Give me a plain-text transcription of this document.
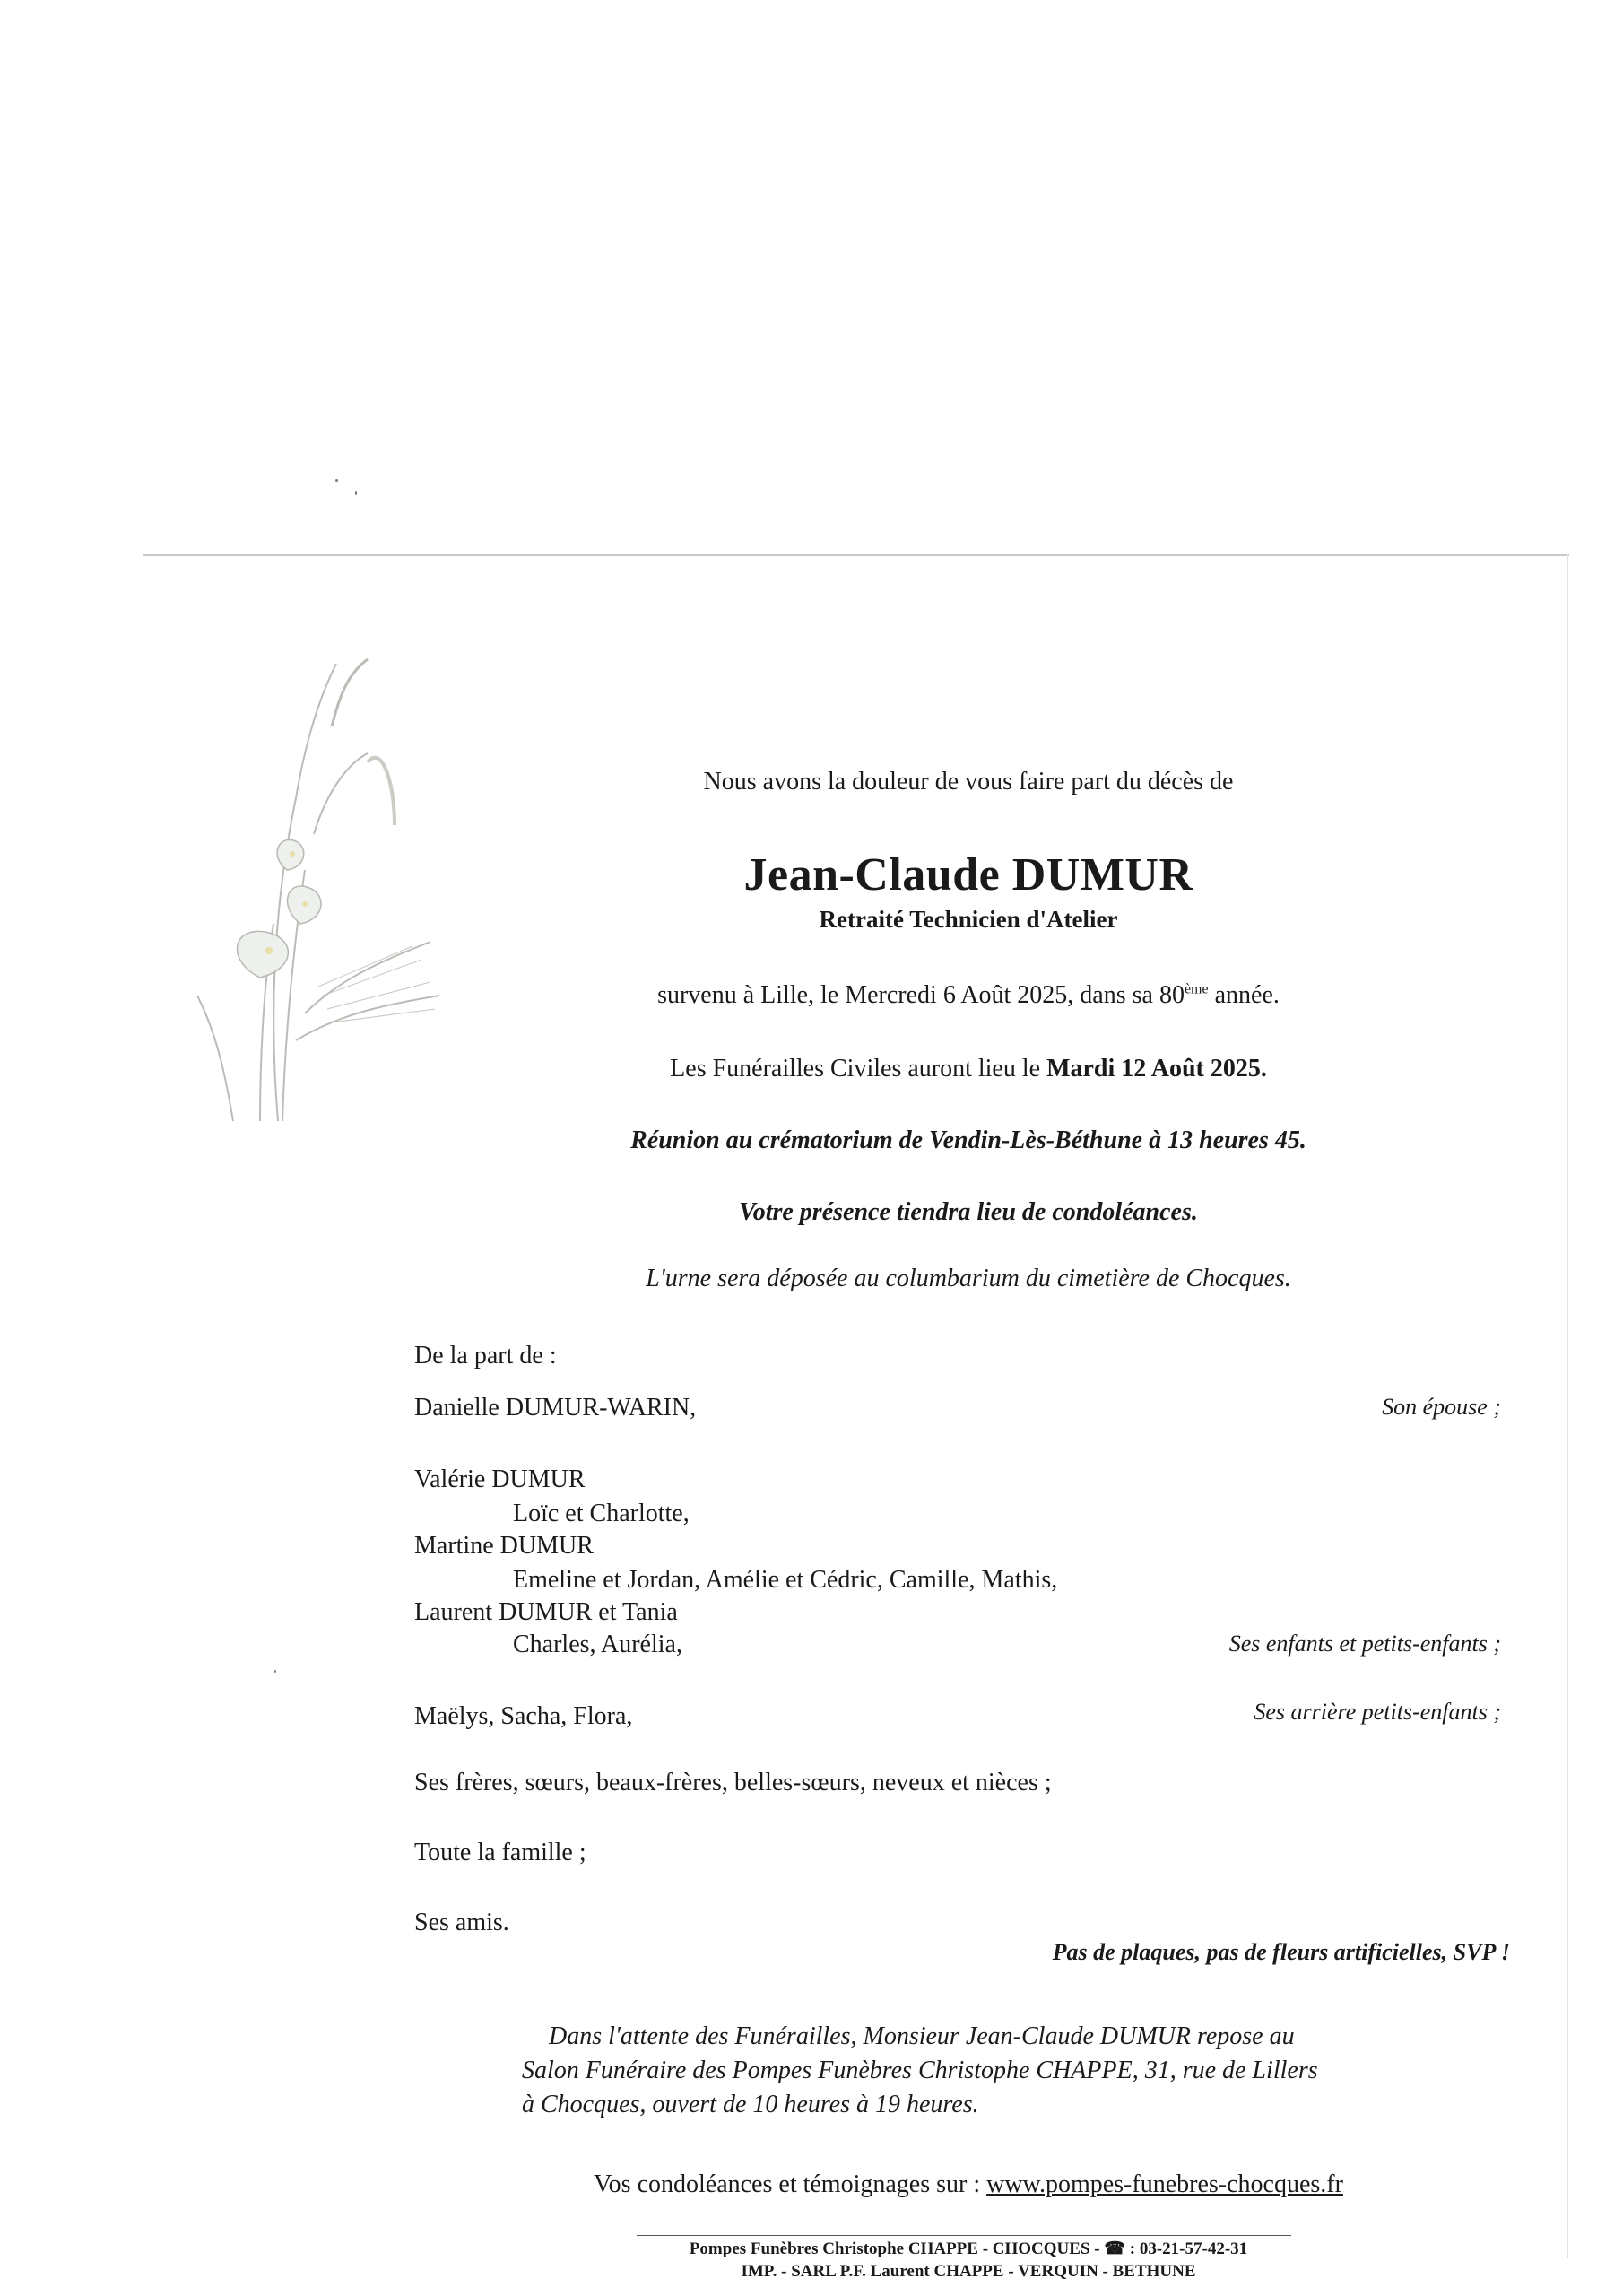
Nous avons la douleur de vous faire part du décès de
Jean-Claude DUMUR
Retraité Technicien d'Atelier
survenu à Lille, le Mercredi 6 Août 2025, dans sa 80ème année.
Les Funérailles Civiles auront lieu le Mardi 12 Août 2025.
Réunion au crématorium de Vendin-Lès-Béthune à 13 heures 45.
Votre présence tiendra lieu de condoléances.
L'urne sera déposée au columbarium du cimetière de Chocques.
De la part de :
Danielle DUMUR-WARIN,	Son épouse ;
Valérie DUMUR
Loïc et Charlotte,
Martine DUMUR
Emeline et Jordan, Amélie et Cédric, Camille, Mathis,
Laurent DUMUR et Tania
Charles, Aurélia,	Ses enfants et petits-enfants ;
Maëlys, Sacha, Flora,	Ses arrière petits-enfants ;
Ses frères, sœurs, beaux-frères, belles-sœurs, neveux et nièces ;
Toute la famille ;
Ses amis.
Pas de plaques, pas de fleurs artificielles, SVP !
Dans l'attente des Funérailles, Monsieur Jean-Claude DUMUR repose au
Salon Funéraire des Pompes Funèbres Christophe CHAPPE, 31, rue de Lillers
à Chocques, ouvert de 10 heures à 19 heures.
Vos condoléances et témoignages sur : www.pompes-funebres-chocques.fr
Pompes Funèbres Christophe CHAPPE - CHOCQUES - ☎ : 03-21-57-42-31
IMP. - SARL P.F. Laurent CHAPPE - VERQUIN - BETHUNE
